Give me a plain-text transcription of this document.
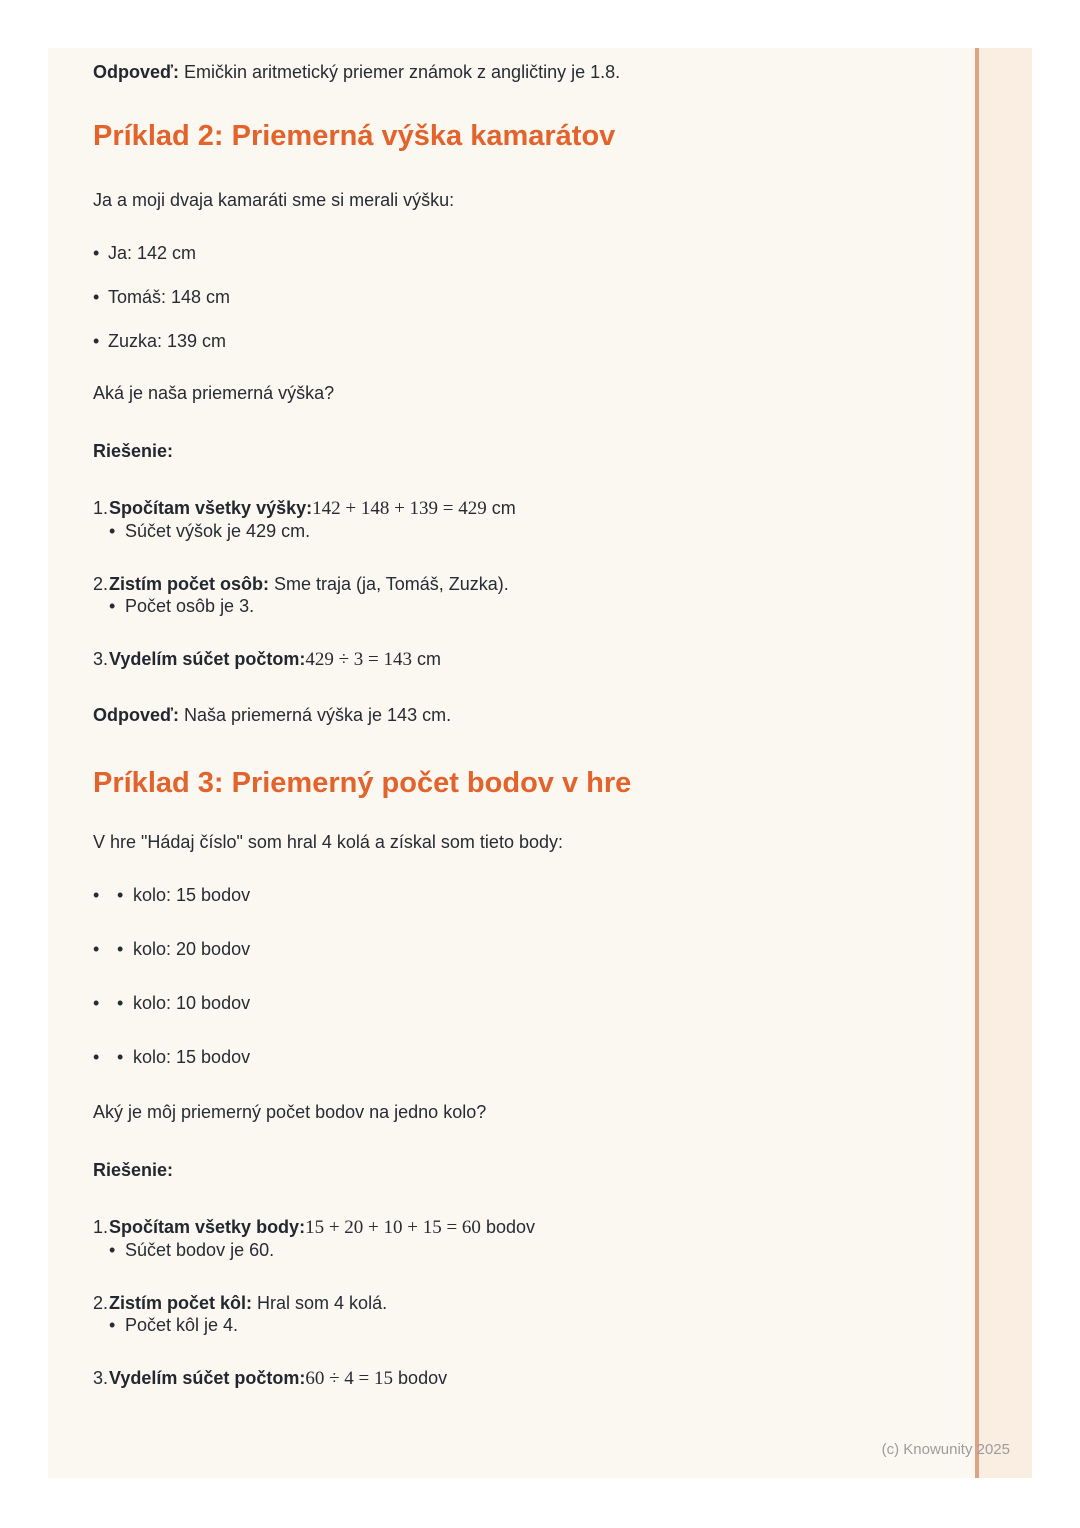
Odpoveď: Emičkin aritmetický priemer známok z angličtiny je 1.8.

Príklad 2: Priemerná výška kamarátov

Ja a moji dvaja kamaráti sme si merali výšku:

• Ja: 142 cm
• Tomáš: 148 cm
• Zuzka: 139 cm

Aká je naša priemerná výška?

Riešenie:

1. Spočítam všetky výšky:142 + 148 + 139 = 429 cm
• Súčet výšok je 429 cm.
2. Zistím počet osôb: Sme traja (ja, Tomáš, Zuzka).
• Počet osôb je 3.
3. Vydelím súčet počtom:429 ÷ 3 = 143 cm

Odpoveď: Naša priemerná výška je 143 cm.

Príklad 3: Priemerný počet bodov v hre

V hre "Hádaj číslo" som hral 4 kolá a získal som tieto body:

• • kolo: 15 bodov
• • kolo: 20 bodov
• • kolo: 10 bodov
• • kolo: 15 bodov

Aký je môj priemerný počet bodov na jedno kolo?

Riešenie:

1. Spočítam všetky body:15 + 20 + 10 + 15 = 60 bodov
• Súčet bodov je 60.
2. Zistím počet kôl: Hral som 4 kolá.
• Počet kôl je 4.
3. Vydelím súčet počtom:60 ÷ 4 = 15 bodov
(c) Knowunity 2025
